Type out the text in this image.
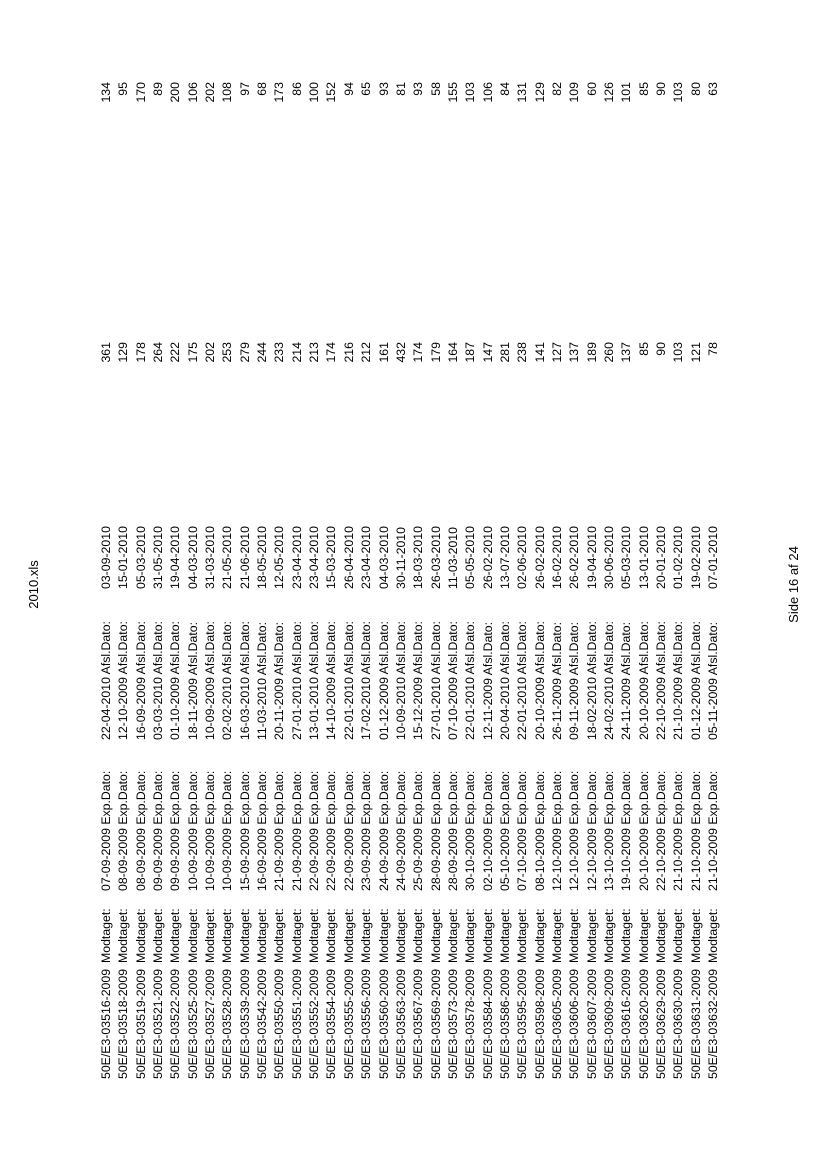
2010.xls
50E/E3-03516-2009
Modtaget:
07-09-2009 Exp.Dato:
22-04-2010 Afsl.Dato:
03-09-2010
361
134
50E/E3-03518-2009
Modtaget:
08-09-2009 Exp.Dato:
12-10-2009 Afsl.Dato:
15-01-2010
129
95
50E/E3-03519-2009
Modtaget:
08-09-2009 Exp.Dato:
16-09-2009 Afsl.Dato:
05-03-2010
178
170
50E/E3-03521-2009
Modtaget:
09-09-2009 Exp.Dato:
03-03-2010 Afsl.Dato:
31-05-2010
264
89
50E/E3-03522-2009
Modtaget:
09-09-2009 Exp.Dato:
01-10-2009 Afsl.Dato:
19-04-2010
222
200
50E/E3-03525-2009
Modtaget:
10-09-2009 Exp.Dato:
18-11-2009 Afsl.Dato:
04-03-2010
175
106
50E/E3-03527-2009
Modtaget:
10-09-2009 Exp.Dato:
10-09-2009 Afsl.Dato:
31-03-2010
202
202
50E/E3-03528-2009
Modtaget:
10-09-2009 Exp.Dato:
02-02-2010 Afsl.Dato:
21-05-2010
253
108
50E/E3-03539-2009
Modtaget:
15-09-2009 Exp.Dato:
16-03-2010 Afsl.Dato:
21-06-2010
279
97
50E/E3-03542-2009
Modtaget:
16-09-2009 Exp.Dato:
11-03-2010 Afsl.Dato:
18-05-2010
244
68
50E/E3-03550-2009
Modtaget:
21-09-2009 Exp.Dato:
20-11-2009 Afsl.Dato:
12-05-2010
233
173
50E/E3-03551-2009
Modtaget:
21-09-2009 Exp.Dato:
27-01-2010 Afsl.Dato:
23-04-2010
214
86
50E/E3-03552-2009
Modtaget:
22-09-2009 Exp.Dato:
13-01-2010 Afsl.Dato:
23-04-2010
213
100
50E/E3-03554-2009
Modtaget:
22-09-2009 Exp.Dato:
14-10-2009 Afsl.Dato:
15-03-2010
174
152
50E/E3-03555-2009
Modtaget:
22-09-2009 Exp.Dato:
22-01-2010 Afsl.Dato:
26-04-2010
216
94
50E/E3-03556-2009
Modtaget:
23-09-2009 Exp.Dato:
17-02-2010 Afsl.Dato:
23-04-2010
212
65
50E/E3-03560-2009
Modtaget:
24-09-2009 Exp.Dato:
01-12-2009 Afsl.Dato:
04-03-2010
161
93
50E/E3-03563-2009
Modtaget:
24-09-2009 Exp.Dato:
10-09-2010 Afsl.Dato:
30-11-2010
432
81
50E/E3-03567-2009
Modtaget:
25-09-2009 Exp.Dato:
15-12-2009 Afsl.Dato:
18-03-2010
174
93
50E/E3-03569-2009
Modtaget:
28-09-2009 Exp.Dato:
27-01-2010 Afsl.Dato:
26-03-2010
179
58
50E/E3-03573-2009
Modtaget:
28-09-2009 Exp.Dato:
07-10-2009 Afsl.Dato:
11-03-2010
164
155
50E/E3-03578-2009
Modtaget:
30-10-2009 Exp.Dato:
22-01-2010 Afsl.Dato:
05-05-2010
187
103
50E/E3-03584-2009
Modtaget:
02-10-2009 Exp.Dato:
12-11-2009 Afsl.Dato:
26-02-2010
147
106
50E/E3-03586-2009
Modtaget:
05-10-2009 Exp.Dato:
20-04-2010 Afsl.Dato:
13-07-2010
281
84
50E/E3-03595-2009
Modtaget:
07-10-2009 Exp.Dato:
22-01-2010 Afsl.Dato:
02-06-2010
238
131
50E/E3-03598-2009
Modtaget:
08-10-2009 Exp.Dato:
20-10-2009 Afsl.Dato:
26-02-2010
141
129
50E/E3-03605-2009
Modtaget:
12-10-2009 Exp.Dato:
26-11-2009 Afsl.Dato:
16-02-2010
127
82
50E/E3-03606-2009
Modtaget:
12-10-2009 Exp.Dato:
09-11-2009 Afsl.Dato:
26-02-2010
137
109
50E/E3-03607-2009
Modtaget:
12-10-2009 Exp.Dato:
18-02-2010 Afsl.Dato:
19-04-2010
189
60
50E/E3-03609-2009
Modtaget:
13-10-2009 Exp.Dato:
24-02-2010 Afsl.Dato:
30-06-2010
260
126
50E/E3-03616-2009
Modtaget:
19-10-2009 Exp.Dato:
24-11-2009 Afsl.Dato:
05-03-2010
137
101
50E/E3-03620-2009
Modtaget:
20-10-2009 Exp.Dato:
20-10-2009 Afsl.Dato:
13-01-2010
85
85
50E/E3-03629-2009
Modtaget:
22-10-2009 Exp.Dato:
22-10-2009 Afsl.Dato:
20-01-2010
90
90
50E/E3-03630-2009
Modtaget:
21-10-2009 Exp.Dato:
21-10-2009 Afsl.Dato:
01-02-2010
103
103
50E/E3-03631-2009
Modtaget:
21-10-2009 Exp.Dato:
01-12-2009 Afsl.Dato:
19-02-2010
121
80
50E/E3-03632-2009
Modtaget:
21-10-2009 Exp.Dato:
05-11-2009 Afsl.Dato:
07-01-2010
78
63
Side 16 af 24
